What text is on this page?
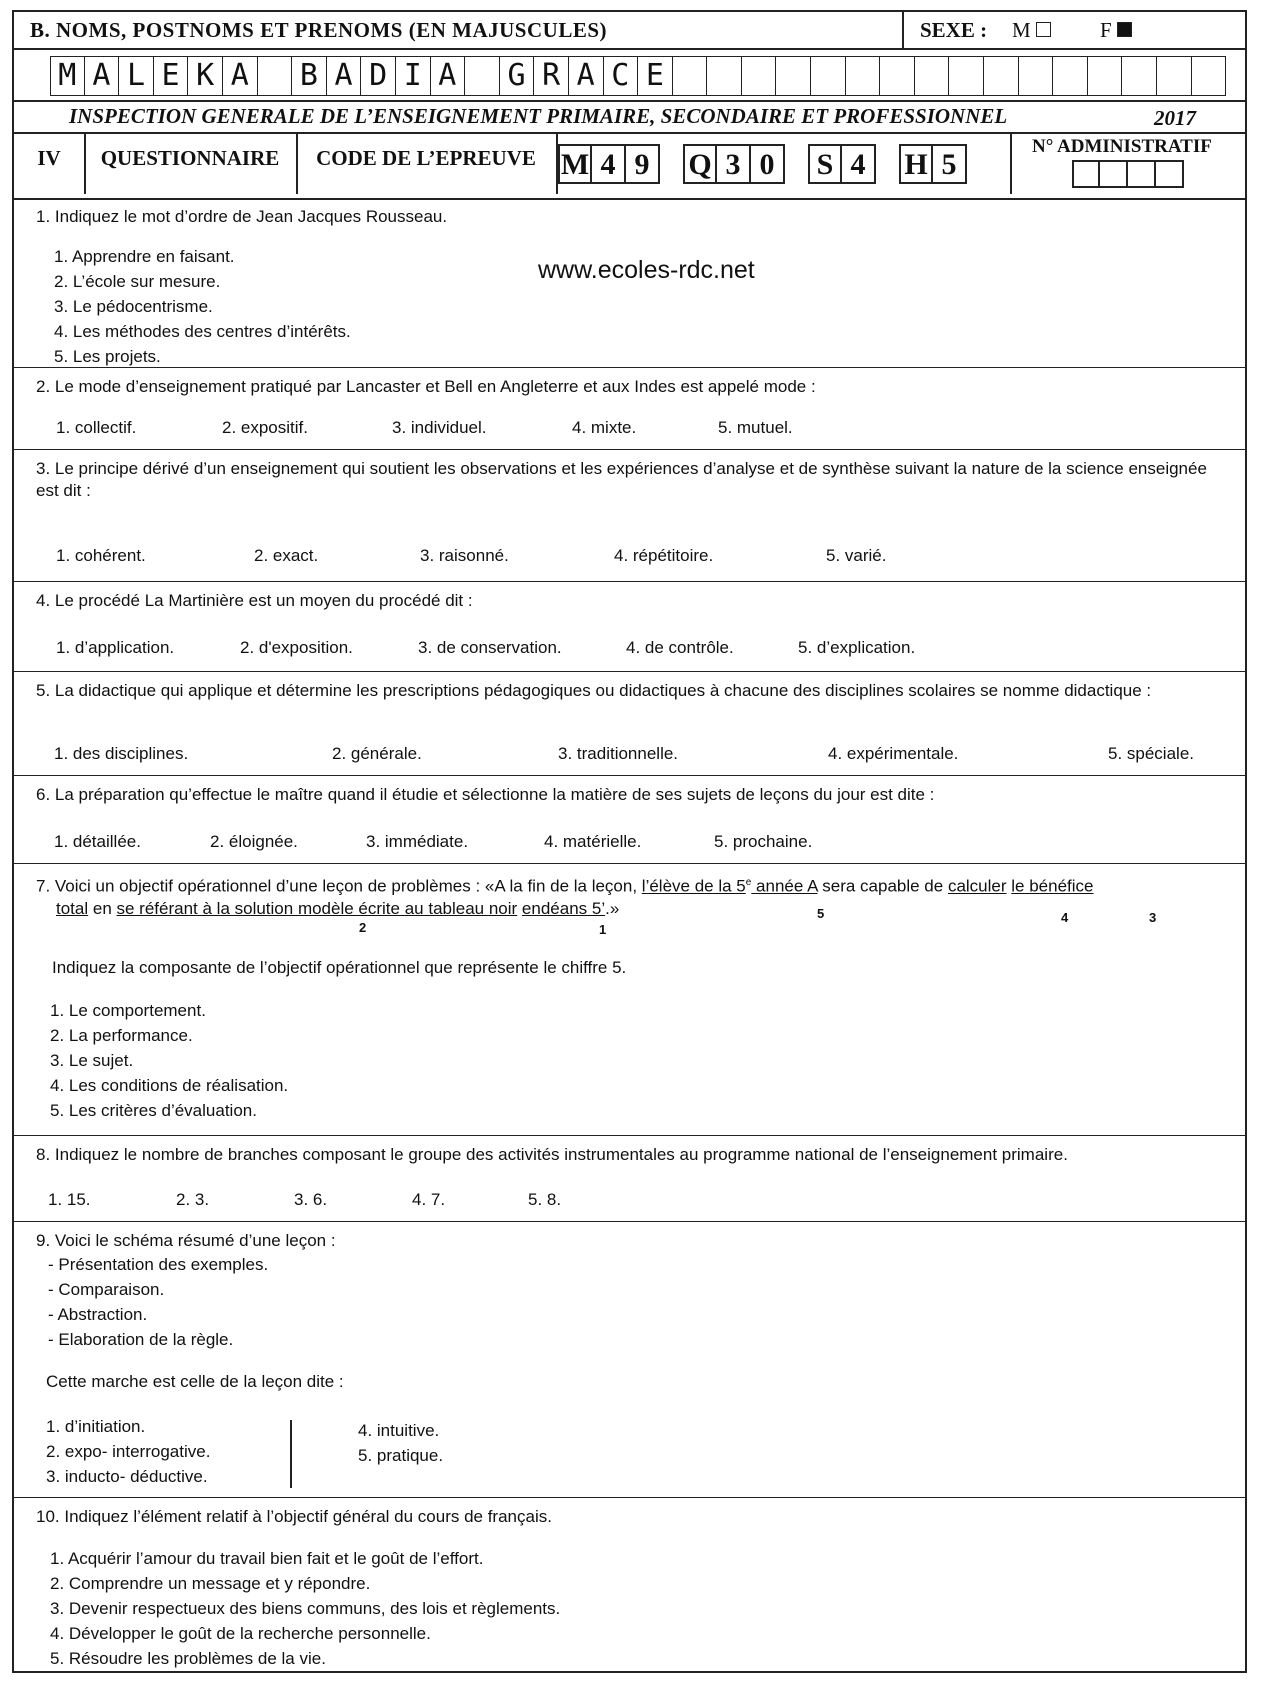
B. NOMS, POSTNOMS ET PRENOMS (EN MAJUSCULES)	SEXE : M	F
M A L E K A B A D I A G R A C E
INSPECTION GENERALE DE L’ENSEIGNEMENT PRIMAIRE, SECONDAIRE ET PROFESSIONNEL	2017
IV	QUESTIONNAIRE	CODE DE L’EPREUVE M 4 9	Q 3 0	S 4	H 5
N° ADMINISTRATIF
1. Indiquez le mot d’ordre de Jean Jacques Rousseau.
1. Apprendre en faisant.
2. L’école sur mesure.
3. Le pédocentrisme.
4. Les méthodes des centres d’intérêts.
5. Les projets.
www.ecoles-rdc.net
2. Le mode d’enseignement pratiqué par Lancaster et Bell en Angleterre et aux Indes est appelé mode :
1. collectif.	2. expositif.	3. individuel.	4. mixte.	5. mutuel.
3. Le principe dérivé d’un enseignement qui soutient les observations et les expériences d’analyse et de synthèse suivant la nature de la science enseignée est dit :
1. cohérent.	2. exact.	3. raisonné.	4. répétitoire.	5. varié.
4. Le procédé La Martinière est un moyen du procédé dit :
1. d’application.	2. d'exposition.	3. de conservation.	4. de contrôle.	5. d’explication.
5. La didactique qui applique et détermine les prescriptions pédagogiques ou didactiques à chacune des disciplines scolaires se nomme didactique :
1. des disciplines.	2. générale.	3. traditionnelle.	4. expérimentale.	5. spéciale.
6. La préparation qu’effectue le maître quand il étudie et sélectionne la matière de ses sujets de leçons du jour est dite :
1. détaillée.	2. éloignée.	3. immédiate.	4. matérielle.	5. prochaine.
7. Voici un objectif opérationnel d’une leçon de problèmes : «A la fin de la leçon, l’élève de la 5e année A sera capable de calculer le bénéfice
total en se référant à la solution modèle écrite au tableau noir endéans 5’.»	5	4	3
2	1
Indiquez la composante de l’objectif opérationnel que représente le chiffre 5.
1. Le comportement.
2. La performance.
3. Le sujet.
4. Les conditions de réalisation.
5. Les critères d’évaluation.
8. Indiquez le nombre de branches composant le groupe des activités instrumentales au programme national de l’enseignement primaire.
1. 15.	2. 3.	3. 6.	4. 7.	5. 8.
9. Voici le schéma résumé d’une leçon :
- Présentation des exemples.
- Comparaison.
- Abstraction.
- Elaboration de la règle.
Cette marche est celle de la leçon dite :
1. d’initiation.
2. expo- interrogative.
3. inducto- déductive.
4. intuitive.
5. pratique.
10. Indiquez l’élément relatif à l’objectif général du cours de français.
1. Acquérir l’amour du travail bien fait et le goût de l’effort.
2. Comprendre un message et y répondre.
3. Devenir respectueux des biens communs, des lois et règlements.
4. Développer le goût de la recherche personnelle.
5. Résoudre les problèmes de la vie.
